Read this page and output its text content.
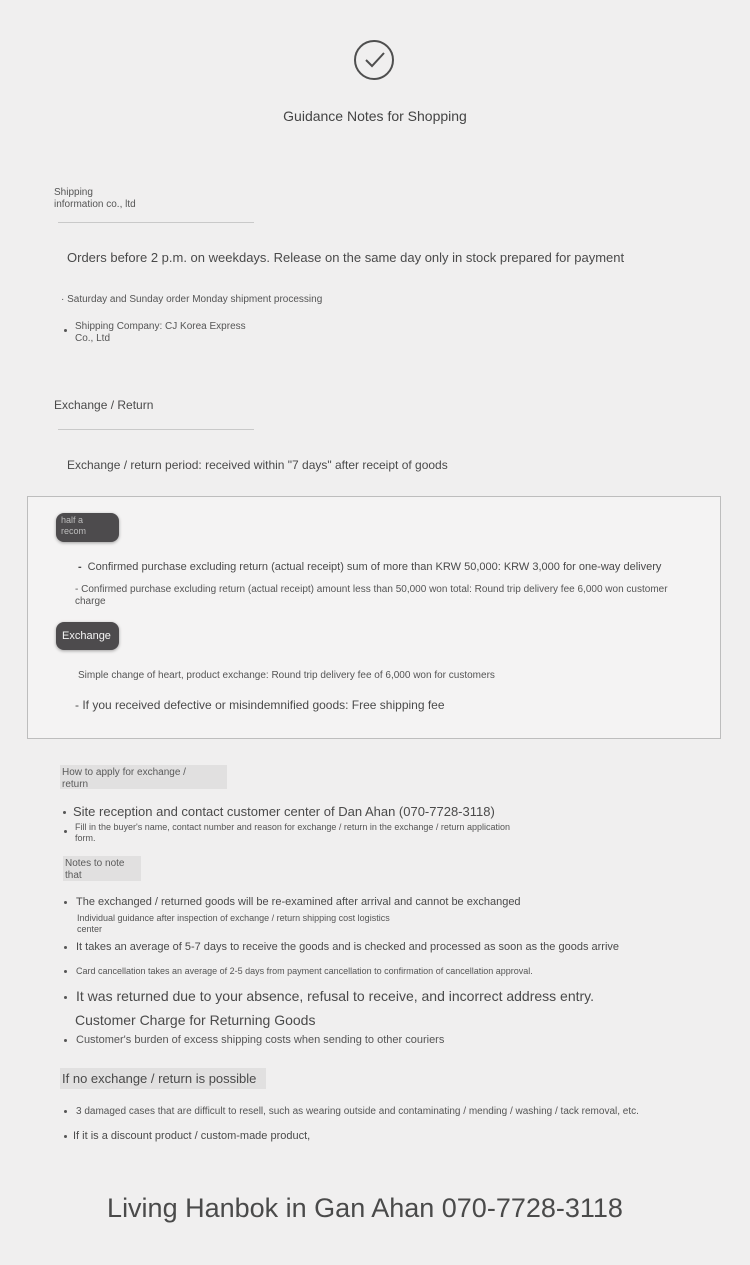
Guidance Notes for Shopping
Shipping
information co., ltd
Orders before 2 p.m. on weekdays. Release on the same day only in stock prepared for payment
· Saturday and Sunday order Monday shipment processing
Shipping Company: CJ Korea Express
Co., Ltd
Exchange / Return
Exchange / return period: received within "7 days" after receipt of goods
half a
recom
- Confirmed purchase excluding return (actual receipt) sum of more than KRW 50,000: KRW 3,000 for one-way delivery
- Confirmed purchase excluding return (actual receipt) amount less than 50,000 won total: Round trip delivery fee 6,000 won customer
charge
Exchange
Simple change of heart, product exchange: Round trip delivery fee of 6,000 won for customers
- If you received defective or misindemnified goods: Free shipping fee
How to apply for exchange /
return
Site reception and contact customer center of Dan Ahan (070-7728-3118)
Fill in the buyer's name, contact number and reason for exchange / return in the exchange / return application
form.
Notes to note
that
The exchanged / returned goods will be re-examined after arrival and cannot be exchanged
Individual guidance after inspection of exchange / return shipping cost logistics
center
It takes an average of 5-7 days to receive the goods and is checked and processed as soon as the goods arrive
Card cancellation takes an average of 2-5 days from payment cancellation to confirmation of cancellation approval.
It was returned due to your absence, refusal to receive, and incorrect address entry.
Customer Charge for Returning Goods
Customer's burden of excess shipping costs when sending to other couriers
If no exchange / return is possible
3 damaged cases that are difficult to resell, such as wearing outside and contaminating / mending / washing / tack removal, etc.
If it is a discount product / custom-made product,
Living Hanbok in Gan Ahan 070-7728-3118
